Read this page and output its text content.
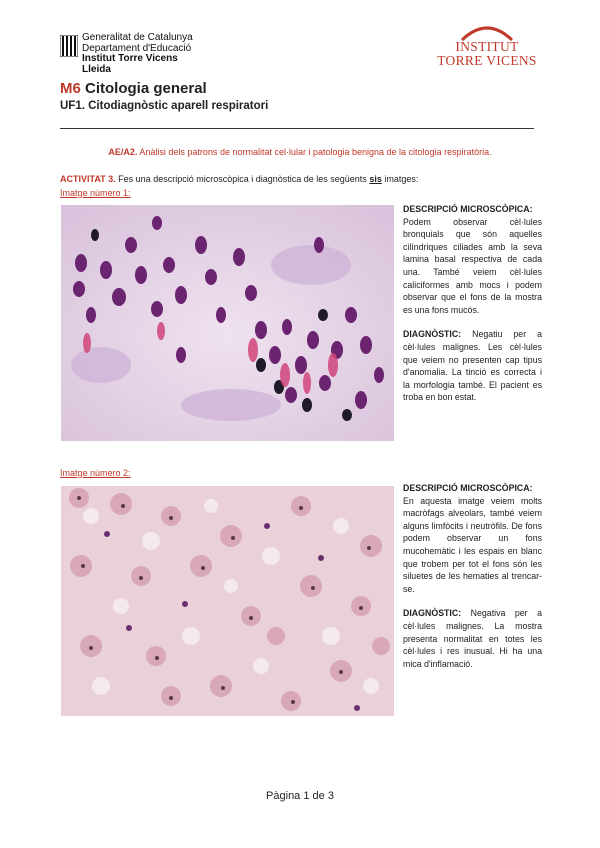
Generalitat de Catalunya
Departament d'Educació
Institut Torre Vicens
Lleida
INSTITUT
TORRE VICENS
M6 Citologia general
UF1. Citodiagnòstic aparell respiratori
AE/A2. Anàlisi dels patrons de normalitat cel·lular i patologia benigna de la citologia respiratòria.
ACTIVITAT 3. Fes una descripció microscòpica i diagnòstica de les següents sis imatges:
Imatge número 1:
DESCRIPCIÓ MICROSCÒPICA:

Podem observar cèl·lules bronquials que són aquelles cilíndriques ciliades amb la seva lamina basal respectiva de cada una. També veiem cèl·lules caliciformes amb mocs i podem observar que el fons de la mostra es una fons mucós.

DIAGNÒSTIC: Negatiu per a cèl·lules malignes. Les cèl·lules que veiem no presenten cap tipus d'anomalia. La tinció es correcta i la morfologia també. El pacient es troba en bon estat.

Imatge número 2:
DESCRIPCIÓ MICROSCÒPICA:

En aquesta imatge veiem molts macròfags alveolars, també veiem alguns limfòcits i neutròfils. De fons podem observar un fons mucohemàtic i les espais en blanc que trobem per tot el fons són les siluetes de les hematies al trencar-se.

DIAGNÒSTIC: Negativa per a cèl·lules malignes. La mostra presenta normalitat en totes les cèl·lules i res inusual. Hi ha una mica d'inflamació.

Pàgina 1 de 3
